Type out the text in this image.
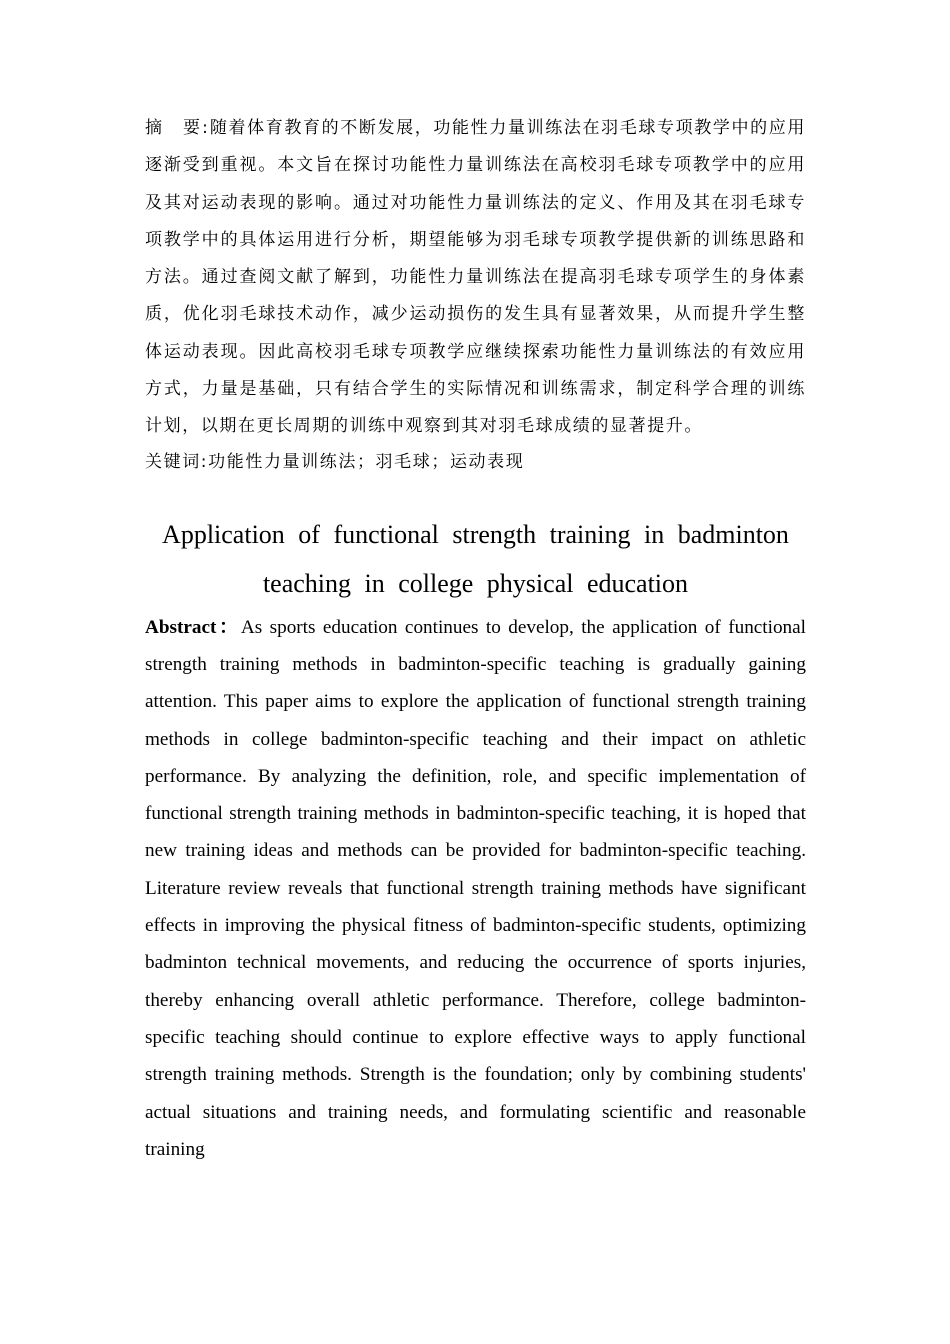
摘　要:随着体育教育的不断发展，功能性力量训练法在羽毛球专项教学中的应用逐渐受到重视。本文旨在探讨功能性力量训练法在高校羽毛球专项教学中的应用及其对运动表现的影响。通过对功能性力量训练法的定义、作用及其在羽毛球专项教学中的具体运用进行分析，期望能够为羽毛球专项教学提供新的训练思路和方法。通过查阅文献了解到，功能性力量训练法在提高羽毛球专项学生的身体素质，优化羽毛球技术动作，减少运动损伤的发生具有显著效果，从而提升学生整体运动表现。因此高校羽毛球专项教学应继续探索功能性力量训练法的有效应用方式，力量是基础，只有结合学生的实际情况和训练需求，制定科学合理的训练计划，以期在更长周期的训练中观察到其对羽毛球成绩的显著提升。

关键词:功能性力量训练法；羽毛球；运动表现

Application of functional strength training in badminton
teaching in college physical education

Abstract：As sports education continues to develop, the application of functional strength training methods in badminton-specific teaching is gradually gaining attention. This paper aims to explore the application of functional strength training methods in college badminton-specific teaching and their impact on athletic performance. By analyzing the definition, role, and specific implementation of functional strength training methods in badminton-specific teaching, it is hoped that new training ideas and methods can be provided for badminton-specific teaching. Literature review reveals that functional strength training methods have significant effects in improving the physical fitness of badminton-specific students, optimizing badminton technical movements, and reducing the occurrence of sports injuries, thereby enhancing overall athletic performance. Therefore, college badminton-specific teaching should continue to explore effective ways to apply functional strength training methods. Strength is the foundation; only by combining students' actual situations and training needs, and formulating scientific and reasonable training
